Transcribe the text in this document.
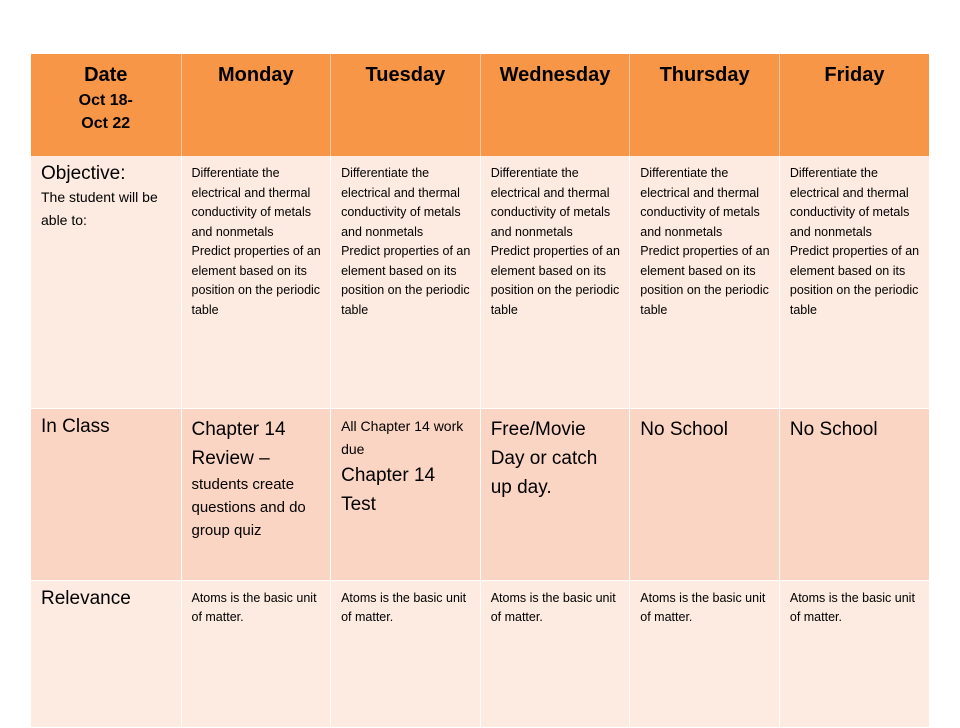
Date
Oct 18-
Oct 22	Monday	Tuesday	Wednesday	Thursday	Friday

Objective:
The student will be able to:	Differentiate the electrical and thermal conductivity of metals and nonmetals
Predict properties of an element based on its position on the periodic table	Differentiate the electrical and thermal conductivity of metals and nonmetals
Predict properties of an element based on its position on the periodic table	Differentiate the electrical and thermal conductivity of metals and nonmetals
Predict properties of an element based on its position on the periodic table	Differentiate the electrical and thermal conductivity of metals and nonmetals
Predict properties of an element based on its position on the periodic table	Differentiate the electrical and thermal conductivity of metals and nonmetals
Predict properties of an element based on its position on the periodic table

In Class	Chapter 14 Review –
students create questions and do group quiz	All Chapter 14 work due
Chapter 14 Test	Free/Movie Day or catch up day.	No School	No School

Relevance	Atoms is the basic unit of matter.	Atoms is the basic unit of matter.	Atoms is the basic unit of matter.	Atoms is the basic unit of matter.	Atoms is the basic unit of matter.
